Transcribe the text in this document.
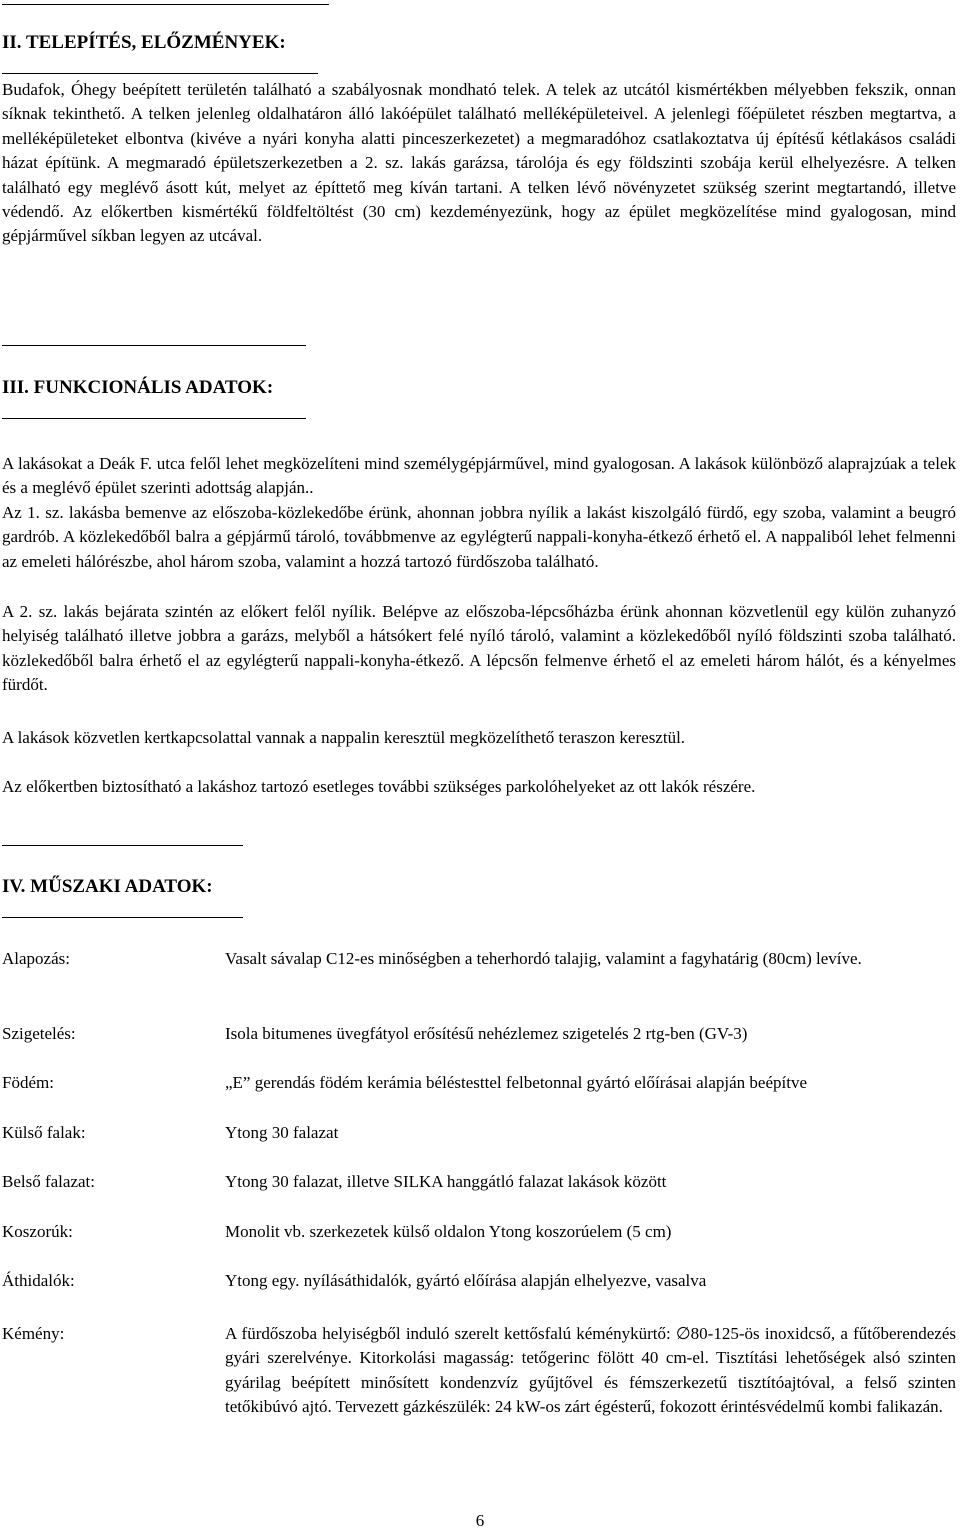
II. TELEPÍTÉS, ELŐZMÉNYEK:

Budafok, Óhegy beépített területén található a szabályosnak mondható telek. A telek az utcától kismértékben mélyebben fekszik, onnan síknak tekinthető. A telken jelenleg oldalhatáron álló lakóépület található melléképületeivel. A jelenlegi főépületet részben megtartva, a melléképületeket elbontva (kivéve a nyári konyha alatti pinceszerkezetet) a megmaradóhoz csatlakoztatva új építésű kétlakásos családi házat építünk. A megmaradó épületszerkezetben a 2. sz. lakás garázsa, tárolója és egy földszinti szobája kerül elhelyezésre. A telken található egy meglévő ásott kút, melyet az építtető meg kíván tartani. A telken lévő növényzetet szükség szerint megtartandó, illetve védendő. Az előkertben kismértékű földfeltöltést (30 cm) kezdeményezünk, hogy az épület megközelítése mind gyalogosan, mind gépjárművel síkban legyen az utcával.

III. FUNKCIONÁLIS ADATOK:

A lakásokat a Deák F. utca felől lehet megközelíteni mind személygépjárművel, mind gyalogosan. A lakások különböző alaprajzúak a telek és a meglévő épület szerinti adottság alapján..

Az 1. sz. lakásba bemenve az előszoba-közlekedőbe érünk, ahonnan jobbra nyílik a lakást kiszolgáló fürdő, egy szoba, valamint a beugró gardrób. A közlekedőből balra a gépjármű tároló, továbbmenve az egylégterű nappali-konyha-étkező érhető el. A nappaliból lehet felmenni az emeleti hálórészbe, ahol három szoba, valamint a hozzá tartozó fürdőszoba található.

A 2. sz. lakás bejárata szintén az előkert felől nyílik. Belépve az előszoba-lépcsőházba érünk ahonnan közvetlenül egy külön zuhanyzó helyiség található illetve jobbra a garázs, melyből a hátsókert felé nyíló tároló, valamint a közlekedőből nyíló földszinti szoba található. közlekedőből balra érhető el az egylégterű nappali-konyha-étkező. A lépcsőn felmenve érhető el az emeleti három hálót, és a kényelmes fürdőt.

A lakások közvetlen kertkapcsolattal vannak a nappalin keresztül megközelíthető teraszon keresztül.

Az előkertben biztosítható a lakáshoz tartozó esetleges további szükséges parkolóhelyeket az ott lakók részére.

IV. MŰSZAKI ADATOK:
Alapozás:	Vasalt sávalap C12-es minőségben a teherhordó talajig, valamint a fagyhatárig (80cm) levíve.
Szigetelés:	Isola bitumenes üvegfátyol erősítésű nehézlemez szigetelés 2 rtg-ben (GV-3)
Födém:	„E” gerendás födém kerámia béléstesttel felbetonnal gyártó előírásai alapján beépítve
Külső falak:	Ytong 30 falazat
Belső falazat:	Ytong 30 falazat, illetve SILKA hanggátló falazat lakások között
Koszorúk:	Monolit vb. szerkezetek külső oldalon Ytong koszorúelem (5 cm)
Áthidalók:	Ytong egy. nyílásáthidalók, gyártó előírása alapján elhelyezve, vasalva
Kémény:	A fürdőszoba helyiségből induló szerelt kettősfalú kéménykürtő: ∅80-125-ös inoxidcső, a fűtőberendezés gyári szerelvénye. Kitorkolási magasság: tetőgerinc fölött 40 cm-el. Tisztítási lehetőségek alsó szinten gyárilag beépített minősített kondenzvíz gyűjtővel és fémszerkezetű tisztítóajtóval, a felső szinten tetőkibúvó ajtó. Tervezett gázkészülék: 24 kW-os zárt égésterű, fokozott érintésvédelmű kombi falikazán.
6
